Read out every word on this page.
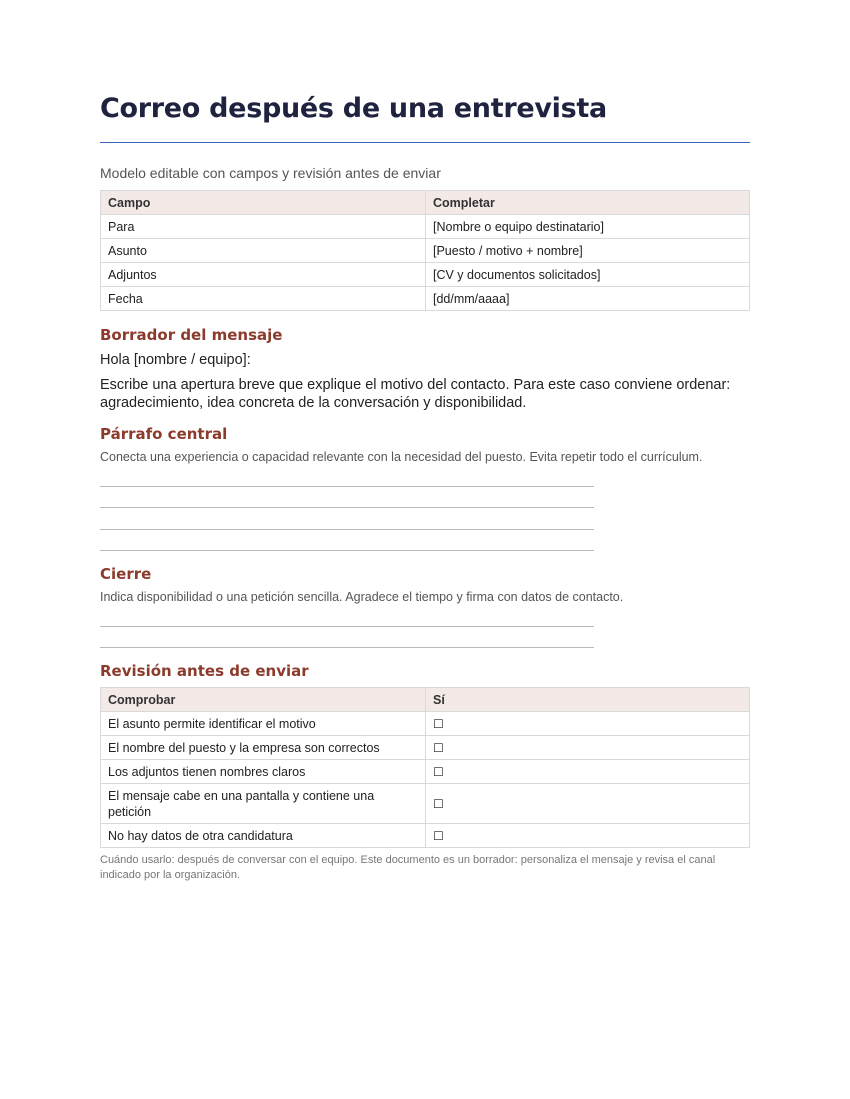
Correo después de una entrevista
Modelo editable con campos y revisión antes de enviar
Campo	Completar
Para	[Nombre o equipo destinatario]
Asunto	[Puesto / motivo + nombre]
Adjuntos	[CV y documentos solicitados]
Fecha	[dd/mm/aaaa]
Borrador del mensaje
Hola [nombre / equipo]:
Escribe una apertura breve que explique el motivo del contacto. Para este caso conviene ordenar: agradecimiento, idea concreta de la conversación y disponibilidad.
Párrafo central
Conecta una experiencia o capacidad relevante con la necesidad del puesto. Evita repetir todo el currículum.
Cierre
Indica disponibilidad o una petición sencilla. Agradece el tiempo y firma con datos de contacto.
Revisión antes de enviar
Comprobar	Sí
El asunto permite identificar el motivo	☐
El nombre del puesto y la empresa son correctos	☐
Los adjuntos tienen nombres claros	☐
El mensaje cabe en una pantalla y contiene una petición	☐
No hay datos de otra candidatura	☐
Cuándo usarlo: después de conversar con el equipo. Este documento es un borrador: personaliza el mensaje y revisa el canal indicado por la organización.
